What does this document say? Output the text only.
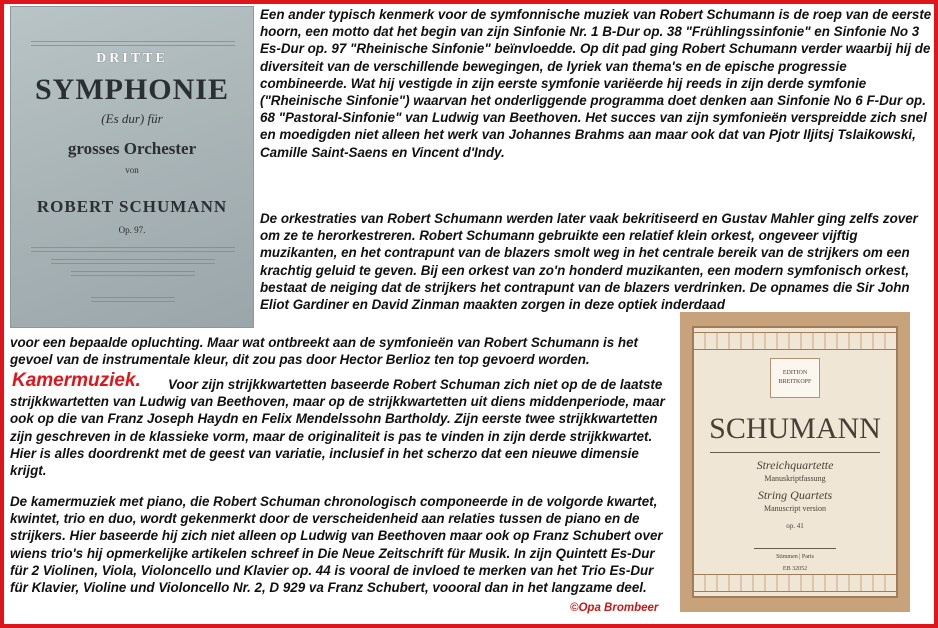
DRITTE
SYMPHONIE
(Es dur) für
grosses Orchester
von
ROBERT SCHUMANN
Op. 97.

Een ander typisch kenmerk voor de symfonnische muziek van Robert Schumann is de roep van de eerste hoorn, een motto dat het begin van zijn Sinfonie Nr. 1 B-Dur op. 38 "Frühlingssinfonie" en Sinfonie No 3 Es-Dur op. 97 "Rheinische Sinfonie" beïnvloedde. Op dit pad ging Robert Schumann verder waarbij hij de diversiteit van de verschillende bewegingen, de lyriek van thema's en de epische progressie combineerde. Wat hij vestigde in zijn eerste symfonie variëerde hij reeds in zijn derde symfonie ("Rheinische Sinfonie") waarvan het onderliggende programma doet denken aan Sinfonie No 6 F-Dur op. 68 "Pastoral-Sinfonie" van Ludwig van Beethoven. Het succes van zijn symfonieën verspreidde zich snel en moedigden niet alleen het werk van Johannes Brahms aan maar ook dat van Pjotr Iljitsj Tslaikowski, Camille Saint-Saens en Vincent d'Indy.

De orkestraties van Robert Schumann werden later vaak bekritiseerd en Gustav Mahler ging zelfs zover om ze te herorkestreren. Robert Schumann gebruikte een relatief klein orkest, ongeveer vijftig muzikanten, en het contrapunt van de blazers smolt weg in het centrale bereik van de strijkers om een krachtig geluid te geven. Bij een orkest van zo'n honderd muzikanten, een modern symfonisch orkest, bestaat de neiging dat de strijkers het contrapunt van de blazers verdrinken. De opnames die Sir John Eliot Gardiner en David Zinman maakten zorgen in deze optiek inderdaad

voor een bepaalde opluchting. Maar wat ontbreekt aan de symfonieën van Robert Schumann is het gevoel van de instrumentale kleur, dit zou pas door Hector Berlioz ten top gevoerd worden.

Kamermuziek.	Voor zijn strijkkwartetten baseerde Robert Schuman zich niet op de de laatste strijkkwartetten van Ludwig van Beethoven, maar op de strijkkwartetten uit diens middenperiode, maar ook op die van Franz Joseph Haydn en Felix Mendelssohn Bartholdy. Zijn eerste twee strijkkwartetten zijn geschreven in de klassieke vorm, maar de originaliteit is pas te vinden in zijn derde strijkkwartet. Hier is alles doordrenkt met de geest van variatie, inclusief in het scherzo dat een nieuwe dimensie krijgt.

De kamermuziek met piano, die Robert Schuman chronologisch componeerde in de volgorde kwartet, kwintet, trio en duo, wordt gekenmerkt door de verscheidenheid aan relaties tussen de piano en de strijkers. Hier baseerde hij zich niet alleen op Ludwig van Beethoven maar ook op Franz Schubert over wiens trio's hij opmerkelijke artikelen schreef in Die Neue Zeitschrift für Musik. In zijn Quintett Es-Dur für 2 Violinen, Viola, Violoncello und Klavier op. 44 is vooral de invloed te merken van het Trio Es-Dur für Klavier, Violine und Violoncello Nr. 2, D 929 va Franz Schubert, voooral dan in het langzame deel.

EDITION BREITKOPF
SCHUMANN
Streichquartette
Manuskriptfassung
String Quartets
Manuscript version
op. 41
Stimmen | Parts
EB 32052
©Opa Brombeer
